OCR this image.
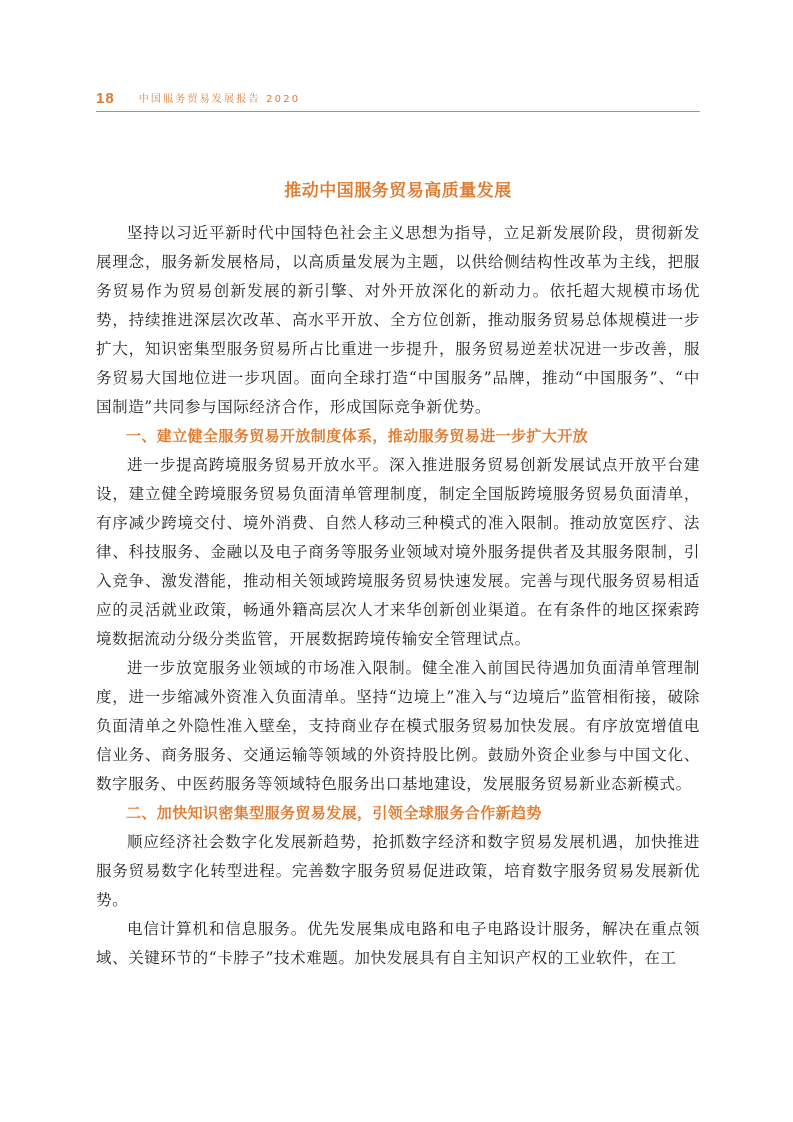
18 中国服务贸易发展报告 2020
推动中国服务贸易高质量发展

坚持以习近平新时代中国特色社会主义思想为指导，立足新发展阶段，贯彻新发展理念，服务新发展格局，以高质量发展为主题，以供给侧结构性改革为主线，把服务贸易作为贸易创新发展的新引擎、对外开放深化的新动力。依托超大规模市场优势，持续推进深层次改革、高水平开放、全方位创新，推动服务贸易总体规模进一步扩大，知识密集型服务贸易所占比重进一步提升，服务贸易逆差状况进一步改善，服务贸易大国地位进一步巩固。面向全球打造“中国服务”品牌，推动“中国服务”、“中国制造”共同参与国际经济合作，形成国际竞争新优势。

一、建立健全服务贸易开放制度体系，推动服务贸易进一步扩大开放

进一步提高跨境服务贸易开放水平。深入推进服务贸易创新发展试点开放平台建设，建立健全跨境服务贸易负面清单管理制度，制定全国版跨境服务贸易负面清单，有序减少跨境交付、境外消费、自然人移动三种模式的准入限制。推动放宽医疗、法律、科技服务、金融以及电子商务等服务业领域对境外服务提供者及其服务限制，引入竞争、激发潜能，推动相关领域跨境服务贸易快速发展。完善与现代服务贸易相适应的灵活就业政策，畅通外籍高层次人才来华创新创业渠道。在有条件的地区探索跨境数据流动分级分类监管，开展数据跨境传输安全管理试点。

进一步放宽服务业领域的市场准入限制。健全准入前国民待遇加负面清单管理制度，进一步缩减外资准入负面清单。坚持“边境上”准入与“边境后”监管相衔接，破除负面清单之外隐性准入壁垒，支持商业存在模式服务贸易加快发展。有序放宽增值电信业务、商务服务、交通运输等领域的外资持股比例。鼓励外资企业参与中国文化、数字服务、中医药服务等领域特色服务出口基地建设，发展服务贸易新业态新模式。

二、加快知识密集型服务贸易发展，引领全球服务合作新趋势

顺应经济社会数字化发展新趋势，抢抓数字经济和数字贸易发展机遇，加快推进服务贸易数字化转型进程。完善数字服务贸易促进政策，培育数字服务贸易发展新优势。

电信计算机和信息服务。优先发展集成电路和电子电路设计服务，解决在重点领域、关键环节的“卡脖子”技术难题。加快发展具有自主知识产权的工业软件，在工
